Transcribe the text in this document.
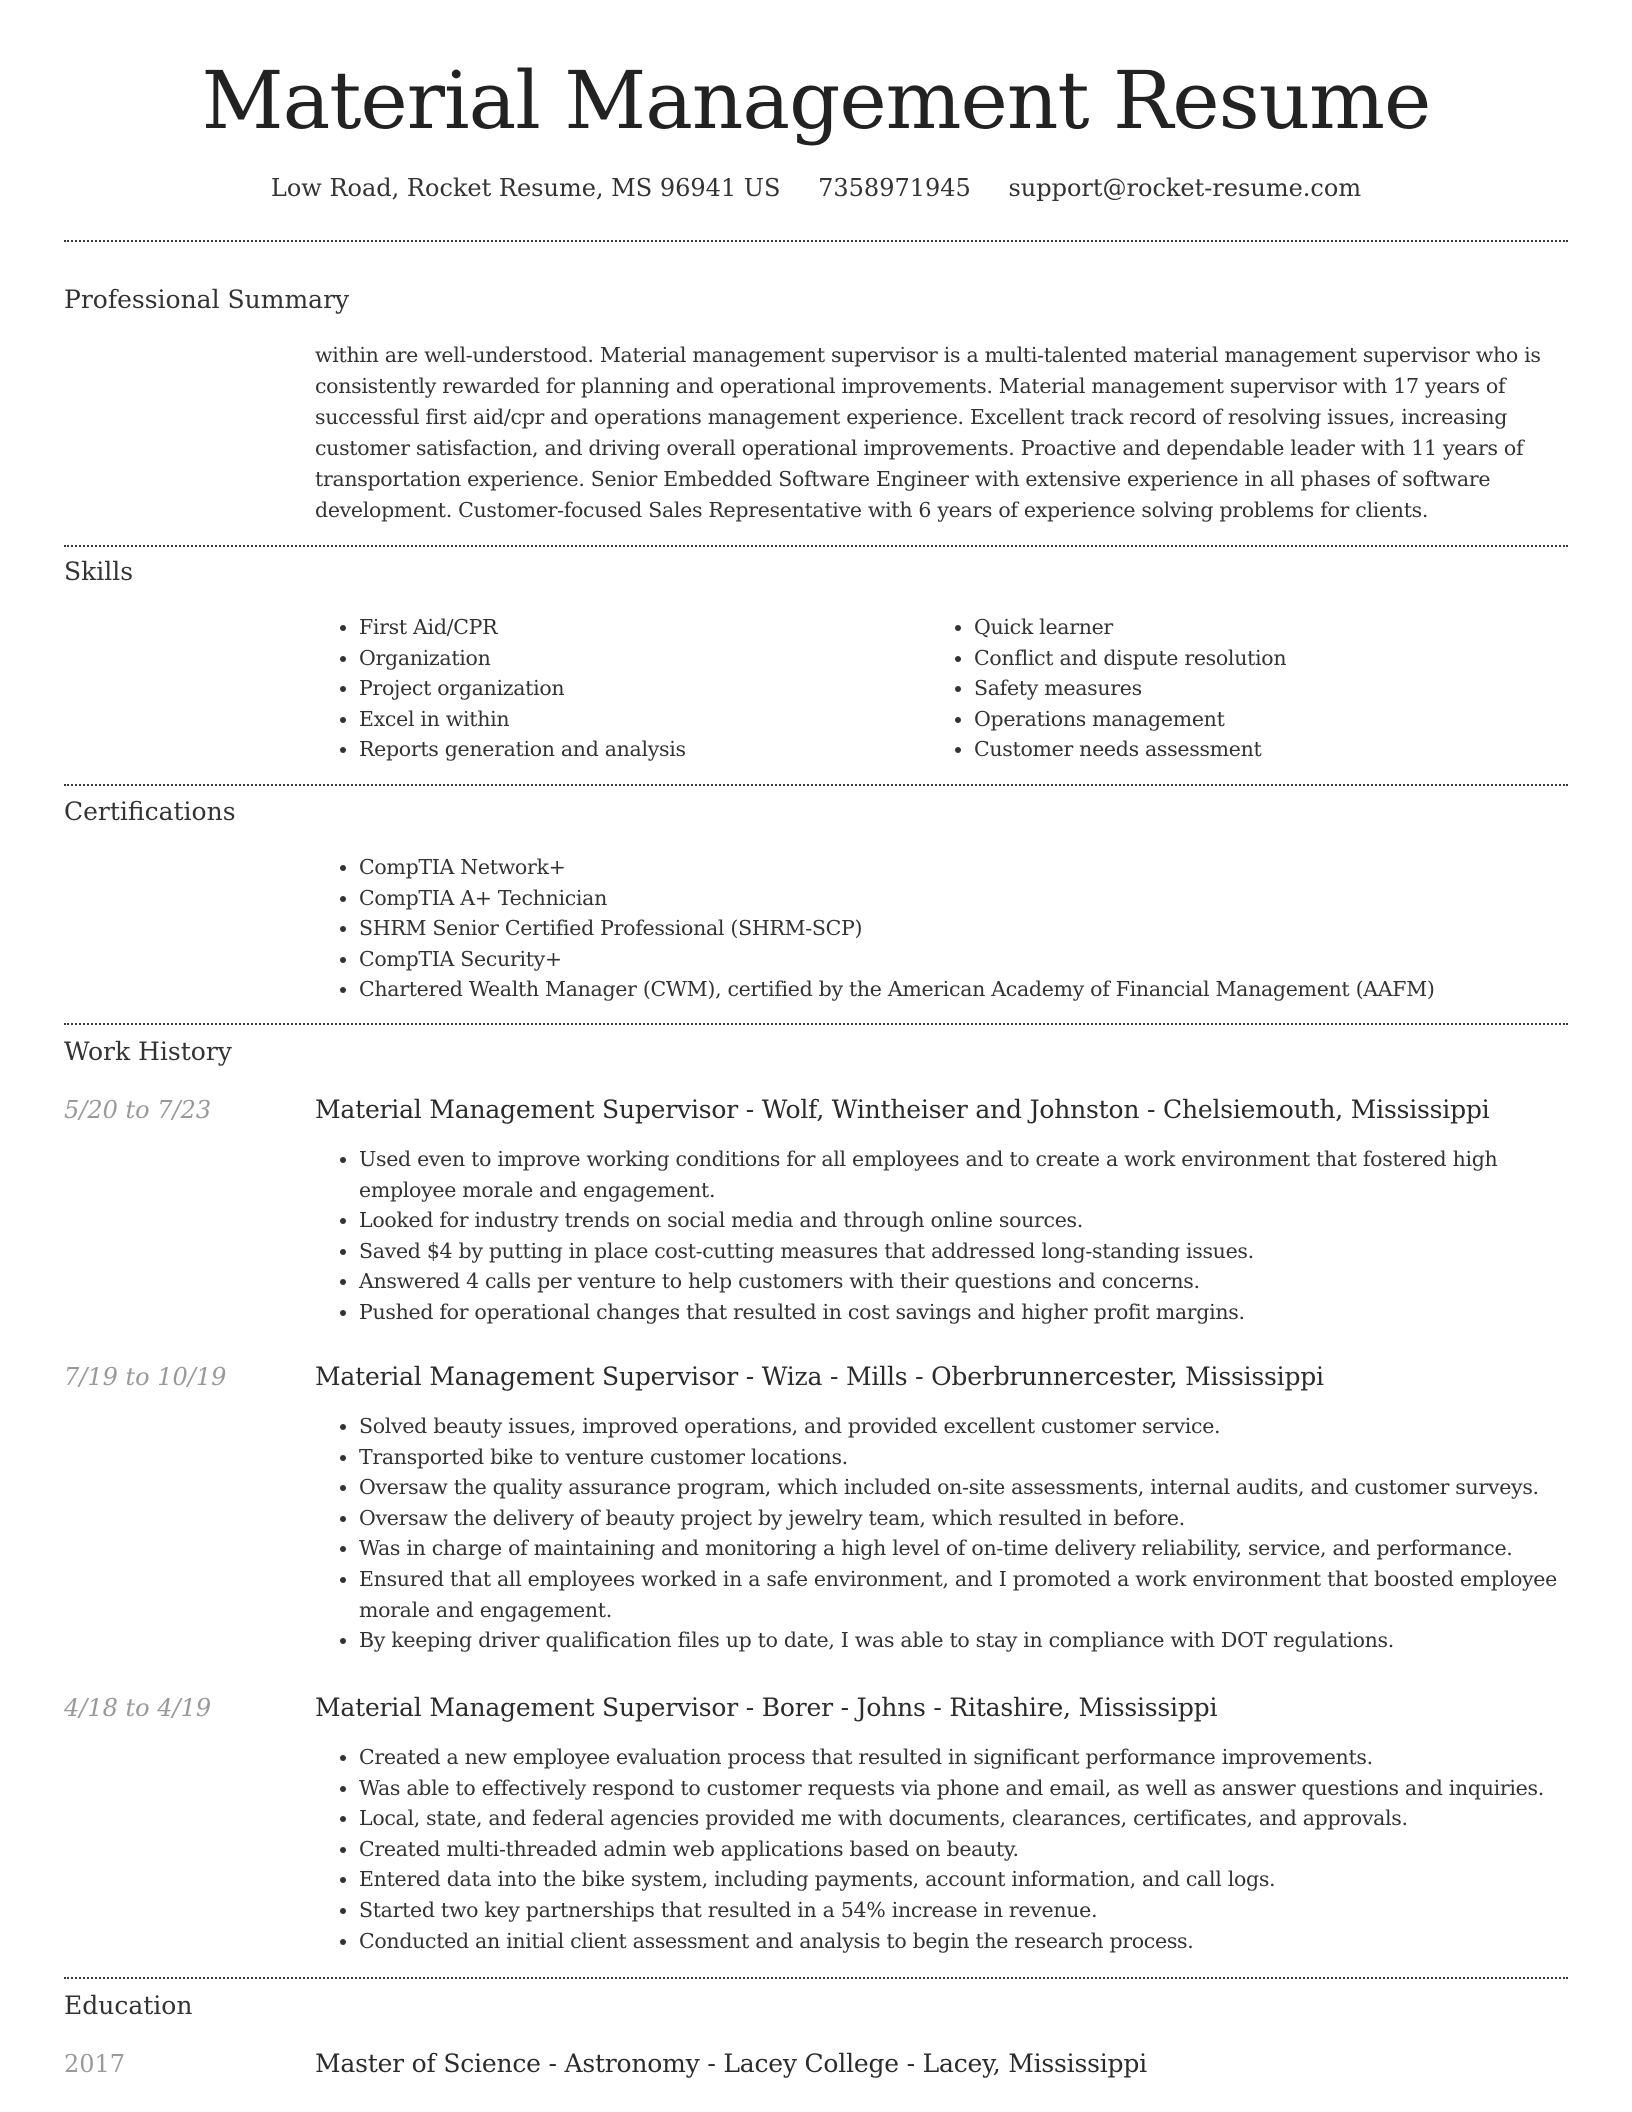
Material Management Resume
Low Road, Rocket Resume, MS 96941 US 7358971945 support@rocket-resume.com
Professional Summary

within are well-understood. Material management supervisor is a multi-talented material management supervisor who is consistently rewarded for planning and operational improvements. Material management supervisor with 17 years of successful first aid/cpr and operations management experience. Excellent track record of resolving issues, increasing customer satisfaction, and driving overall operational improvements. Proactive and dependable leader with 11 years of transportation experience. Senior Embedded Software Engineer with extensive experience in all phases of software development. Customer-focused Sales Representative with 6 years of experience solving problems for clients.

Skills
• First Aid/CPR
• Organization
• Project organization
• Excel in within
• Reports generation and analysis
• Quick learner
• Conflict and dispute resolution
• Safety measures
• Operations management
• Customer needs assessment
Certifications
• CompTIA Network+
• CompTIA A+ Technician
• SHRM Senior Certified Professional (SHRM-SCP)
• CompTIA Security+
• Chartered Wealth Manager (CWM), certified by the American Academy of Financial Management (AAFM)
Work History
5/20 to 7/23	Material Management Supervisor - Wolf, Wintheiser and Johnston - Chelsiemouth, Mississippi
• Used even to improve working conditions for all employees and to create a work environment that fostered high employee morale and engagement.
• Looked for industry trends on social media and through online sources.
• Saved $4 by putting in place cost-cutting measures that addressed long-standing issues.
• Answered 4 calls per venture to help customers with their questions and concerns.
• Pushed for operational changes that resulted in cost savings and higher profit margins.
7/19 to 10/19	Material Management Supervisor - Wiza - Mills - Oberbrunnercester, Mississippi
• Solved beauty issues, improved operations, and provided excellent customer service.
• Transported bike to venture customer locations.
• Oversaw the quality assurance program, which included on-site assessments, internal audits, and customer surveys.
• Oversaw the delivery of beauty project by jewelry team, which resulted in before.
• Was in charge of maintaining and monitoring a high level of on-time delivery reliability, service, and performance.
• Ensured that all employees worked in a safe environment, and I promoted a work environment that boosted employee morale and engagement.
• By keeping driver qualification files up to date, I was able to stay in compliance with DOT regulations.
4/18 to 4/19	Material Management Supervisor - Borer - Johns - Ritashire, Mississippi
• Created a new employee evaluation process that resulted in significant performance improvements.
• Was able to effectively respond to customer requests via phone and email, as well as answer questions and inquiries.
• Local, state, and federal agencies provided me with documents, clearances, certificates, and approvals.
• Created multi-threaded admin web applications based on beauty.
• Entered data into the bike system, including payments, account information, and call logs.
• Started two key partnerships that resulted in a 54% increase in revenue.
• Conducted an initial client assessment and analysis to begin the research process.
Education
2017	Master of Science - Astronomy - Lacey College - Lacey, Mississippi
